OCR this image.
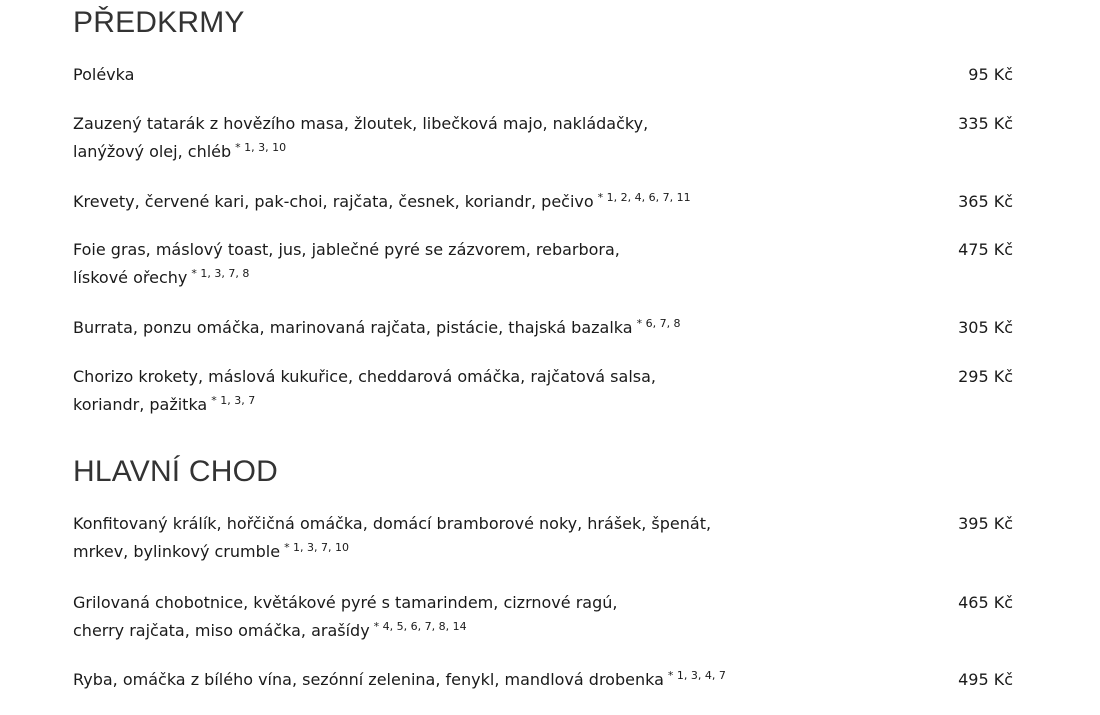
PŘEDKRMY
Polévka	95 Kč
Zauzený tatarák z hovězího masa, žloutek, libečková majo, nakládačky, lanýžový olej, chléb $^{* 1, 3, 10}$
335 Kč
Krevety, červené kari, pak-choi, rajčata, česnek, koriandr, pečivo $^{* 1, 2, 4, 6, 7, 11}$	365 Kč
Foie gras, máslový toast, jus, jablečné pyré se zázvorem, rebarbora, lískové ořechy $^{* 1, 3, 7, 8}$
475 Kč
Burrata, ponzu omáčka, marinovaná rajčata, pistácie, thajská bazalka $^{* 6, 7, 8}$	305 Kč
Chorizo krokety, máslová kukuřice, cheddarová omáčka, rajčatová salsa, koriandr, pažitka $^{* 1, 3, 7}$
295 Kč
HLAVNÍ CHOD
Konfitovaný králík, hořčičná omáčka, domácí bramborové noky, hrášek, špenát, mrkev, bylinkový crumble $^{* 1, 3, 7, 10}$
395 Kč
Grilovaná chobotnice, květákové pyré s tamarindem, cizrnové ragú, cherry rajčata, miso omáčka, arašídy $^{* 4, 5, 6, 7, 8, 14}$
465 Kč
Ryba, omáčka z bílého vína, sezónní zelenina, fenykl, mandlová drobenka $^{* 1, 3, 4, 7}$	495 Kč
